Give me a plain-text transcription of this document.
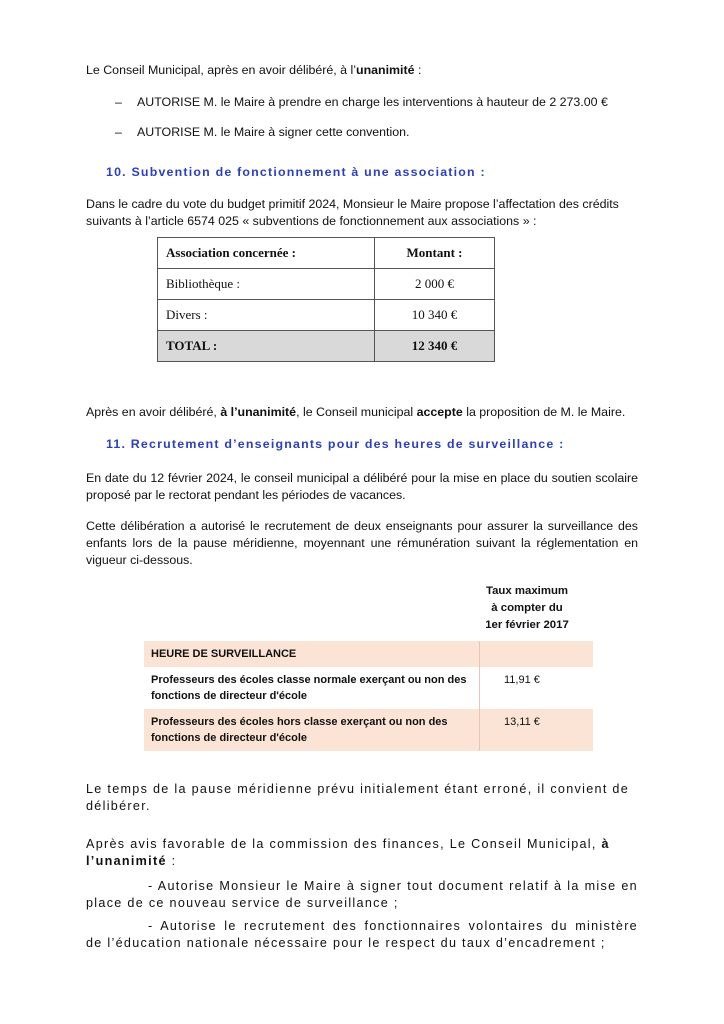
Le Conseil Municipal, après en avoir délibéré, à l’unanimité :
–	AUTORISE M. le Maire à prendre en charge les interventions à hauteur de 2 273.00 €
–	AUTORISE M. le Maire à signer cette convention.
10. Subvention de fonctionnement à une association :
Dans le cadre du vote du budget primitif 2024, Monsieur le Maire propose l’affectation des crédits suivants à l’article 6574 025 « subventions de fonctionnement aux associations » :
Association concernée :	Montant :
Bibliothèque :	2 000 €
Divers :	10 340 €
TOTAL :	12 340 €
Après en avoir délibéré, à l’unanimité, le Conseil municipal accepte la proposition de M. le Maire.
11. Recrutement d’enseignants pour des heures de surveillance :
En date du 12 février 2024, le conseil municipal a délibéré pour la mise en place du soutien scolaire proposé par le rectorat pendant les périodes de vacances.
Cette délibération a autorisé le recrutement de deux enseignants pour assurer la surveillance des enfants lors de la pause méridienne, moyennant une rémunération suivant la réglementation en vigueur ci-dessous.
Taux maximum à compter du 1er février 2017
HEURE DE SURVEILLANCE	
Professeurs des écoles classe normale exerçant ou non des fonctions de directeur d'école	11,91 €
Professeurs des écoles hors classe exerçant ou non des fonctions de directeur d'école	13,11 €
Le temps de la pause méridienne prévu initialement étant erroné, il convient de délibérer.
Après avis favorable de la commission des finances, Le Conseil Municipal, à l’unanimité :
- Autorise Monsieur le Maire à signer tout document relatif à la mise en place de ce nouveau service de surveillance ;
- Autorise le recrutement des fonctionnaires volontaires du ministère de l’éducation nationale nécessaire pour le respect du taux d’encadrement ;
